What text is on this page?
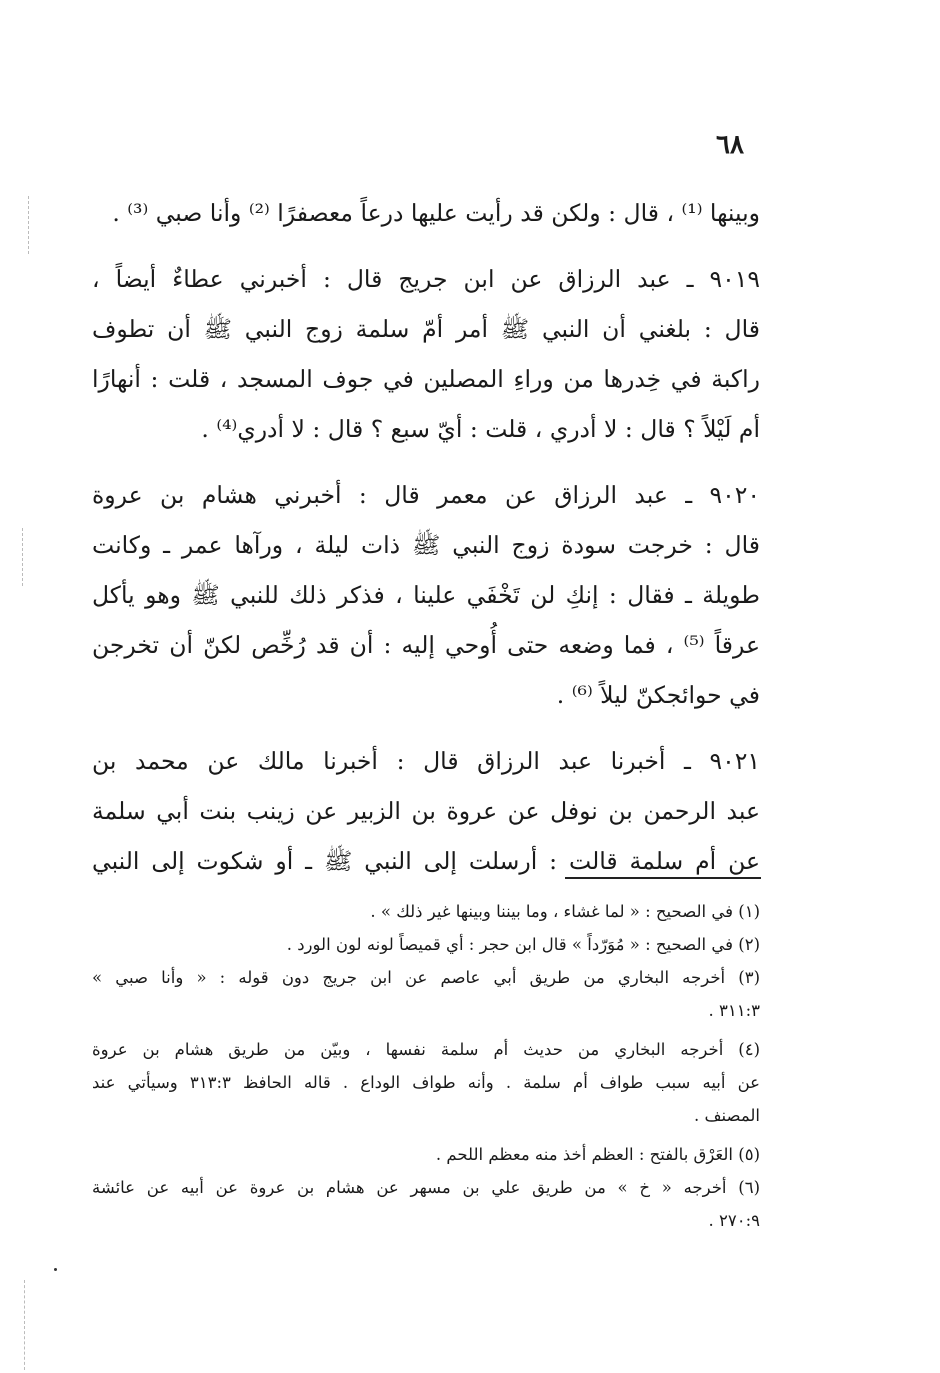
٦٨
وبينها ⁽¹⁾ ، قال : ولكن قد رأيت عليها درعاً معصفرًا ⁽²⁾ وأنا صبي ⁽³⁾ .
٩٠١٩ ـ عبد الرزاق عن ابن جريج قال : أخبرني عطاءٌ أيضاً ،
قال : بلغني أن النبي ﷺ أمر أمّ سلمة زوج النبي ﷺ أن تطوف
راكبة في خِدرها من وراءِ المصلين في جوف المسجد ، قلت : أنهارًا
أم لَيْلاً ؟ قال : لا أدري ، قلت : أيّ سبع ؟ قال : لا أدري⁽⁴⁾ .
٩٠٢٠ ـ عبد الرزاق عن معمر قال : أخبرني هشام بن عروة
قال : خرجت سودة زوج النبي ﷺ ذات ليلة ، ورآها عمر ـ وكانت
طويلة ـ فقال : إنكِ لن تَخْفَي علينا ، فذكر ذلك للنبي ﷺ وهو يأكل
عرقاً ⁽⁵⁾ ، فما وضعه حتى أُوحي إليه : أن قد رُخِّص لكنّ أن تخرجن
في حوائجكنّ ليلاً ⁽⁶⁾ .
٩٠٢١ ـ أخبرنا عبد الرزاق قال : أخبرنا مالك عن محمد بن
عبد الرحمن بن نوفل عن عروة بن الزبير عن زينب بنت أبي سلمة
عن أم سلمة قالت : أرسلت إلى النبي ﷺ ـ أو شكوت إلى النبي
(١) في الصحيح : « لما غشاء ، وما بيننا وبينها غير ذلك » .
(٢) في الصحيح : « مُوَرّداً » قال ابن حجر : أي قميصاً لونه لون الورد .
(٣) أخرجه البخاري من طريق أبي عاصم عن ابن جريج دون قوله : « وأنا صبي »
٣١١:٣ .
(٤) أخرجه البخاري من حديث أم سلمة نفسها ، وبيّن من طريق هشام بن عروة
عن أبيه سبب طواف أم سلمة . وأنه طواف الوداع . قاله الحافظ ٣١٣:٣ وسيأتي عند
المصنف .
(٥) العَرْق بالفتح : العظم أخذ منه معظم اللحم .
(٦) أخرجه « خ » من طريق علي بن مسهر عن هشام بن عروة عن أبيه عن عائشة
٢٧٠:٩ .
